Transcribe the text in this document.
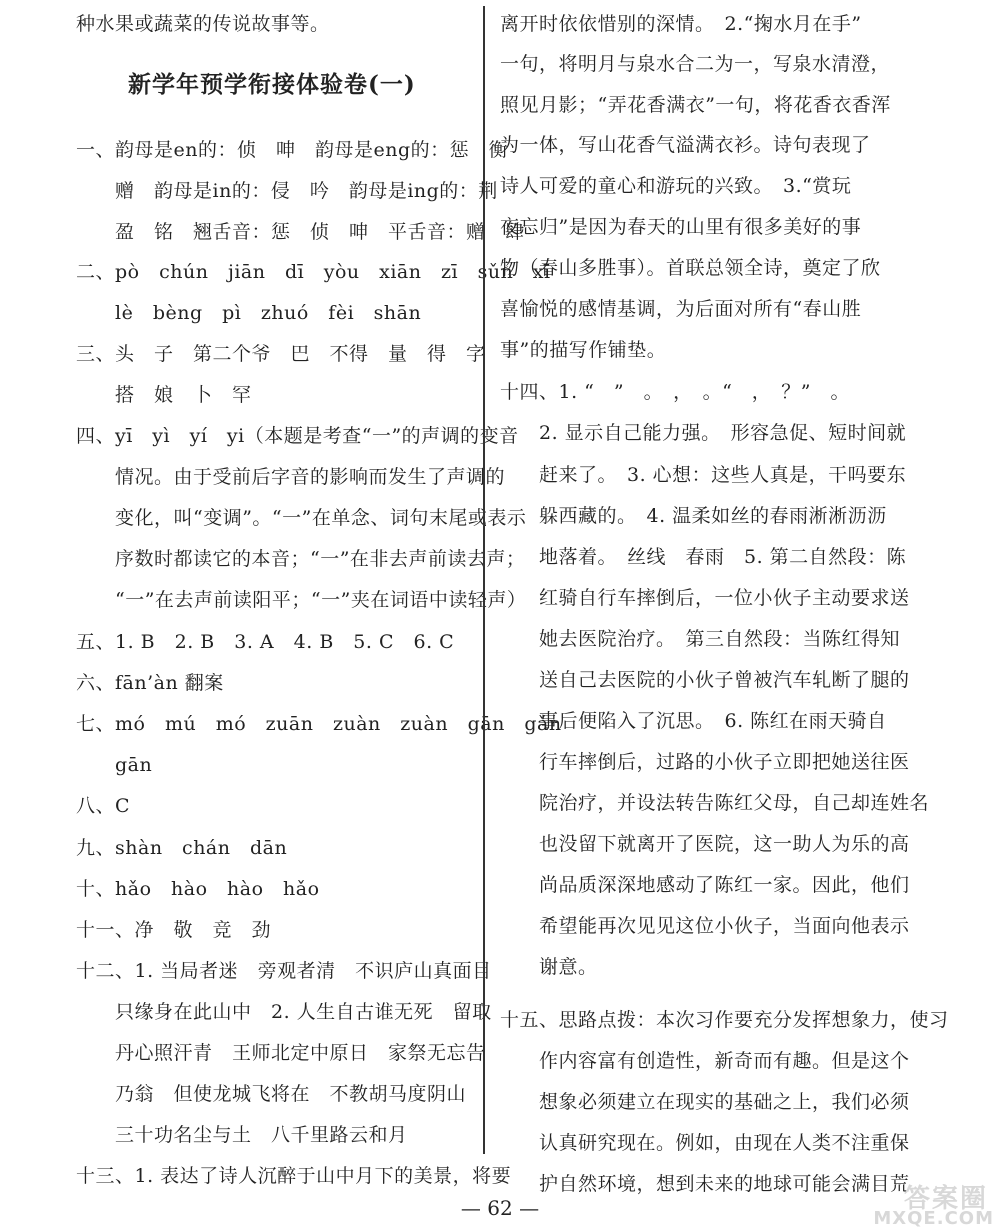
种水果或蔬菜的传说故事等。
一、韵母是en的：侦　呻　韵母是eng的：惩　衡
　　赠　韵母是in的：侵　吟　韵母是ing的：荆
　　盈　铭　翘舌音：惩　侦　呻　平舌音：赠　肆
二、pò　chún　jiān　dī　yòu　xiān　zī　sǔn　xī
　　lè　bèng　pì　zhuó　fèi　shān
三、头　子　第二个爷　巴　不得　量　得　字
　　搭　娘　卜　罕
四、yī　yì　yí　yi（本题是考查“一”的声调的变音
　　情况。由于受前后字音的影响而发生了声调的
　　变化，叫“变调”。“一”在单念、词句末尾或表示
　　序数时都读它的本音；“一”在非去声前读去声；
　　“一”在去声前读阳平；“一”夹在词语中读轻声）
五、1. B　2. B　3. A　4. B　5. C　6. C
六、fān’àn 翻案
七、mó　mú　mó　zuān　zuàn　zuàn　gān　gǎn
　　gān
八、C
九、shàn　chán　dān
十、hǎo　hào　hào　hǎo
十一、净　敬　竞　劲
十二、1. 当局者迷　旁观者清　不识庐山真面目
　　只缘身在此山中　2. 人生自古谁无死　留取
　　丹心照汗青　王师北定中原日　家祭无忘告
　　乃翁　但使龙城飞将在　不教胡马度阴山
　　三十功名尘与土　八千里路云和月
十三、1. 表达了诗人沉醉于山中月下的美景，将要
新学年预学衔接体验卷(一)
离开时依依惜别的深情。　2.“掬水月在手”
一句，将明月与泉水合二为一，写泉水清澄，
照见月影；“弄花香满衣”一句，将花香衣香浑
为一体，写山花香气溢满衣衫。诗句表现了
诗人可爱的童心和游玩的兴致。　3.“赏玩
夜忘归”是因为春天的山里有很多美好的事
物（春山多胜事）。首联总领全诗，奠定了欣
喜愉悦的感情基调，为后面对所有“春山胜
事”的描写作铺垫。
十四、1. “　”　。　，　。“　，　？”　。
　　2. 显示自己能力强。　形容急促、短时间就
　　赶来了。　3. 心想：这些人真是，干吗要东
　　躲西藏的。　4. 温柔如丝的春雨淅淅沥沥
　　地落着。　丝线　春雨　5. 第二自然段：陈
　　红骑自行车摔倒后，一位小伙子主动要求送
　　她去医院治疗。　第三自然段：当陈红得知
　　送自己去医院的小伙子曾被汽车轧断了腿的
　　事后便陷入了沉思。　6. 陈红在雨天骑自
　　行车摔倒后，过路的小伙子立即把她送往医
　　院治疗，并设法转告陈红父母，自己却连姓名
　　也没留下就离开了医院，这一助人为乐的高
　　尚品质深深地感动了陈红一家。因此，他们
　　希望能再次见见这位小伙子，当面向他表示
　　谢意。
十五、思路点拨：本次习作要充分发挥想象力，使习
　　作内容富有创造性，新奇而有趣。但是这个
　　想象必须建立在现实的基础之上，我们必须
　　认真研究现在。例如，由现在人类不注重保
　　护自然环境，想到未来的地球可能会满目荒
— 62 —	答案圈
MXQE.COM
